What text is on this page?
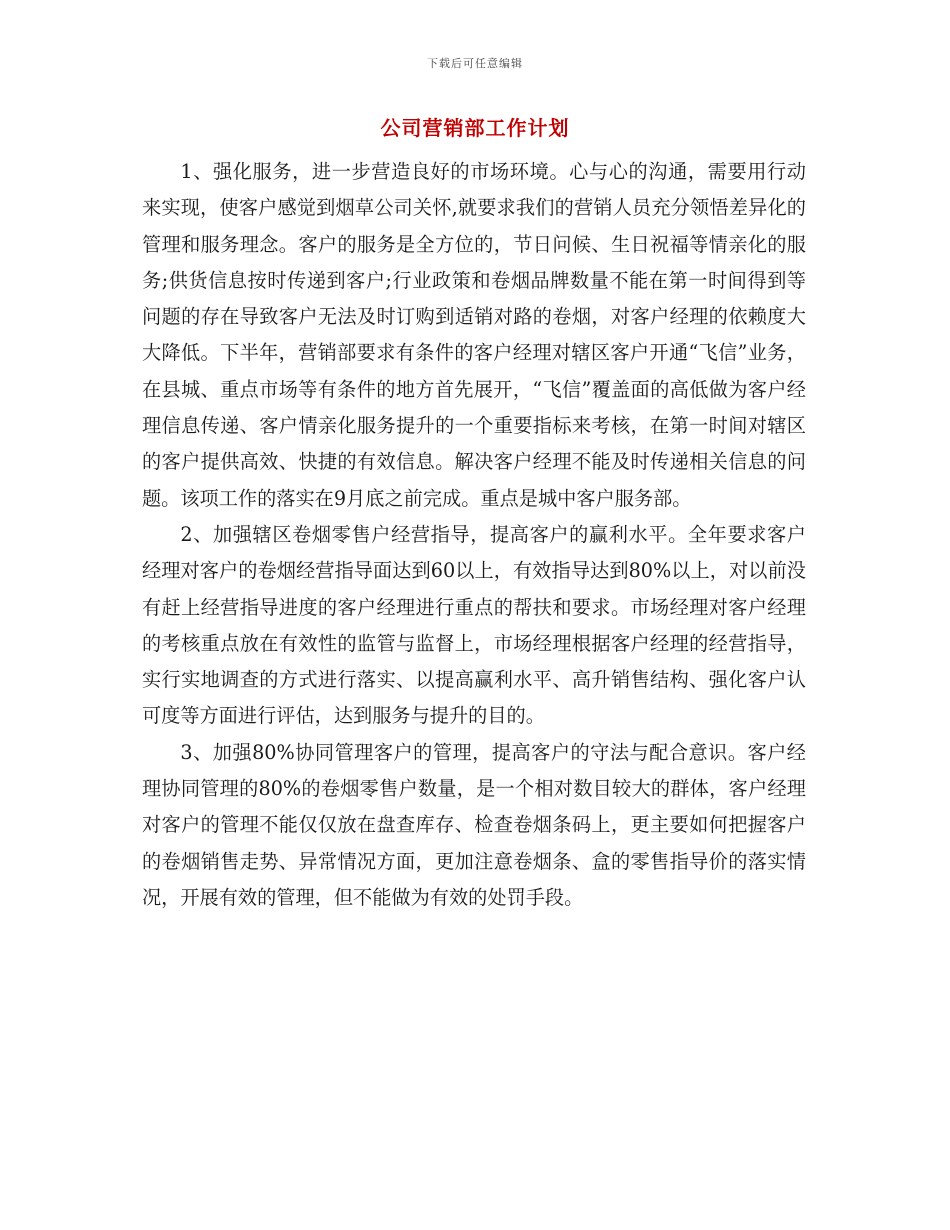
下载后可任意编辑
公司营销部工作计划

1、强化服务，进一步营造良好的市场环境。心与心的沟通，需要用行动来实现，使客户感觉到烟草公司关怀,就要求我们的营销人员充分领悟差异化的管理和服务理念。客户的服务是全方位的，节日问候、生日祝福等情亲化的服务;供货信息按时传递到客户;行业政策和卷烟品牌数量不能在第一时间得到等问题的存在导致客户无法及时订购到适销对路的卷烟，对客户经理的依赖度大大降低。下半年，营销部要求有条件的客户经理对辖区客户开通“飞信”业务，在县城、重点市场等有条件的地方首先展开，“飞信”覆盖面的高低做为客户经理信息传递、客户情亲化服务提升的一个重要指标来考核，在第一时间对辖区的客户提供高效、快捷的有效信息。解决客户经理不能及时传递相关信息的问题。该项工作的落实在9月底之前完成。重点是城中客户服务部。

2、加强辖区卷烟零售户经营指导，提高客户的赢利水平。全年要求客户经理对客户的卷烟经营指导面达到60以上，有效指导达到80%以上，对以前没有赶上经营指导进度的客户经理进行重点的帮扶和要求。市场经理对客户经理的考核重点放在有效性的监管与监督上，市场经理根据客户经理的经营指导，实行实地调查的方式进行落实、以提高赢利水平、高升销售结构、强化客户认可度等方面进行评估，达到服务与提升的目的。

3、加强80%协同管理客户的管理，提高客户的守法与配合意识。客户经理协同管理的80%的卷烟零售户数量，是一个相对数目较大的群体，客户经理对客户的管理不能仅仅放在盘查库存、检查卷烟条码上，更主要如何把握客户的卷烟销售走势、异常情况方面，更加注意卷烟条、盒的零售指导价的落实情况，开展有效的管理，但不能做为有效的处罚手段。
